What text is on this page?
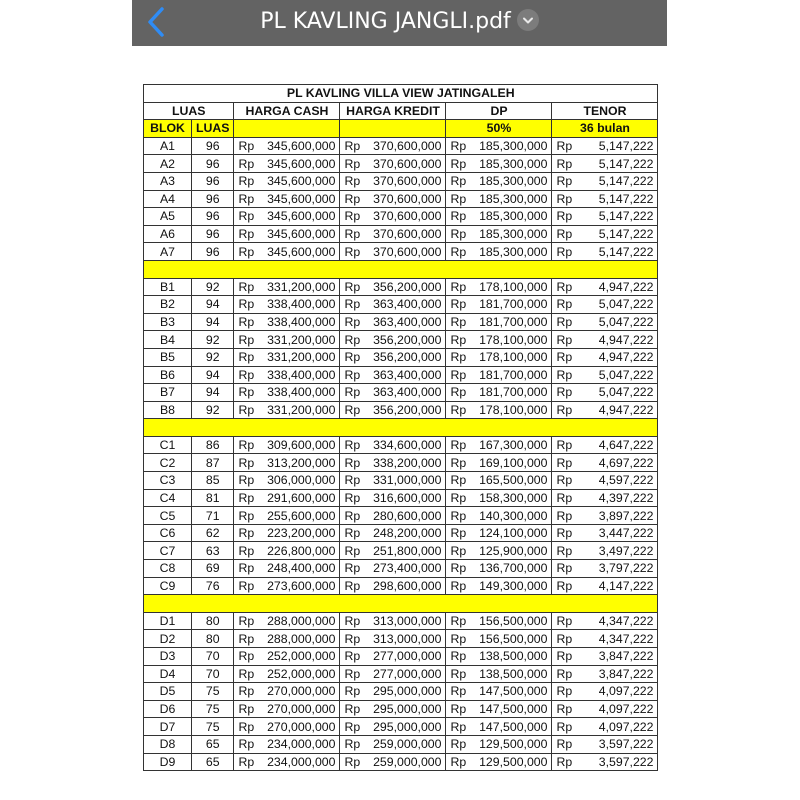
PL KAVLING JANGLI.pdf
PL KAVLING VILLA VIEW JATINGALEH					
LUAS		HARGA CASH	HARGA KREDIT	DP	TENOR
BLOK	LUAS			50%	36 bulan
A1	96	Rp 345,600,000	Rp 370,600,000	Rp 185,300,000	Rp 5,147,222

A2	96	Rp 345,600,000	Rp 370,600,000	Rp 185,300,000	Rp 5,147,222

A3	96	Rp 345,600,000	Rp 370,600,000	Rp 185,300,000	Rp 5,147,222

A4	96	Rp 345,600,000	Rp 370,600,000	Rp 185,300,000	Rp 5,147,222

A5	96	Rp 345,600,000	Rp 370,600,000	Rp 185,300,000	Rp 5,147,222

A6	96	Rp 345,600,000	Rp 370,600,000	Rp 185,300,000	Rp 5,147,222

A7	96	Rp 345,600,000	Rp 370,600,000	Rp 185,300,000	Rp 5,147,222

B1	92	Rp 331,200,000	Rp 356,200,000	Rp 178,100,000	Rp 4,947,222

B2	94	Rp 338,400,000	Rp 363,400,000	Rp 181,700,000	Rp 5,047,222

B3	94	Rp 338,400,000	Rp 363,400,000	Rp 181,700,000	Rp 5,047,222

B4	92	Rp 331,200,000	Rp 356,200,000	Rp 178,100,000	Rp 4,947,222

B5	92	Rp 331,200,000	Rp 356,200,000	Rp 178,100,000	Rp 4,947,222

B6	94	Rp 338,400,000	Rp 363,400,000	Rp 181,700,000	Rp 5,047,222

B7	94	Rp 338,400,000	Rp 363,400,000	Rp 181,700,000	Rp 5,047,222

B8	92	Rp 331,200,000	Rp 356,200,000	Rp 178,100,000	Rp 4,947,222

C1	86	Rp 309,600,000	Rp 334,600,000	Rp 167,300,000	Rp 4,647,222

C2	87	Rp 313,200,000	Rp 338,200,000	Rp 169,100,000	Rp 4,697,222

C3	85	Rp 306,000,000	Rp 331,000,000	Rp 165,500,000	Rp 4,597,222

C4	81	Rp 291,600,000	Rp 316,600,000	Rp 158,300,000	Rp 4,397,222

C5	71	Rp 255,600,000	Rp 280,600,000	Rp 140,300,000	Rp 3,897,222

C6	62	Rp 223,200,000	Rp 248,200,000	Rp 124,100,000	Rp 3,447,222

C7	63	Rp 226,800,000	Rp 251,800,000	Rp 125,900,000	Rp 3,497,222

C8	69	Rp 248,400,000	Rp 273,400,000	Rp 136,700,000	Rp 3,797,222

C9	76	Rp 273,600,000	Rp 298,600,000	Rp 149,300,000	Rp 4,147,222

D1	80	Rp 288,000,000	Rp 313,000,000	Rp 156,500,000	Rp 4,347,222

D2	80	Rp 288,000,000	Rp 313,000,000	Rp 156,500,000	Rp 4,347,222

D3	70	Rp 252,000,000	Rp 277,000,000	Rp 138,500,000	Rp 3,847,222

D4	70	Rp 252,000,000	Rp 277,000,000	Rp 138,500,000	Rp 3,847,222

D5	75	Rp 270,000,000	Rp 295,000,000	Rp 147,500,000	Rp 4,097,222

D6	75	Rp 270,000,000	Rp 295,000,000	Rp 147,500,000	Rp 4,097,222

D7	75	Rp 270,000,000	Rp 295,000,000	Rp 147,500,000	Rp 4,097,222

D8	65	Rp 234,000,000	Rp 259,000,000	Rp 129,500,000	Rp 3,597,222

D9	65	Rp 234,000,000	Rp 259,000,000	Rp 129,500,000	Rp 3,597,222
